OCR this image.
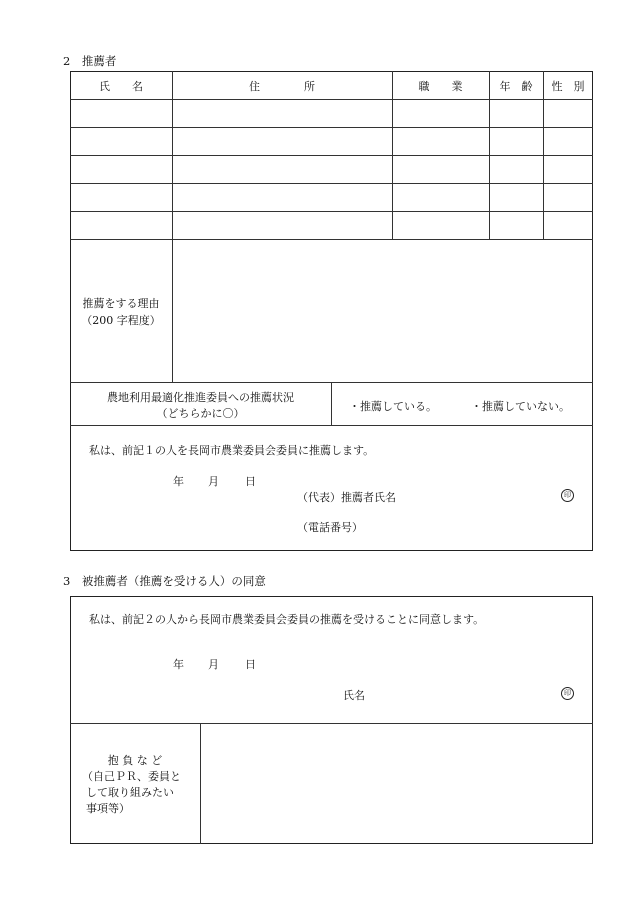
2　推薦者
氏　　名	住　　　　所	職　　業	年　齢	性　別
推薦をする理由
（200 字程度）
農地利用最適化推進委員への推薦状況
（どちらかに〇）
・推薦している。	・推薦していない。
私は、前記１の人を長岡市農業委員会委員に推薦します。
年 月 日
（代表）推薦者氏名	印
（電話番号）
3　被推薦者（推薦を受ける人）の同意
私は、前記２の人から長岡市農業委員会委員の推薦を受けることに同意します。
年 月 日
氏名	印
抱 負 な ど
（自己ＰＲ、委員と
して取り組みたい
事項等）
